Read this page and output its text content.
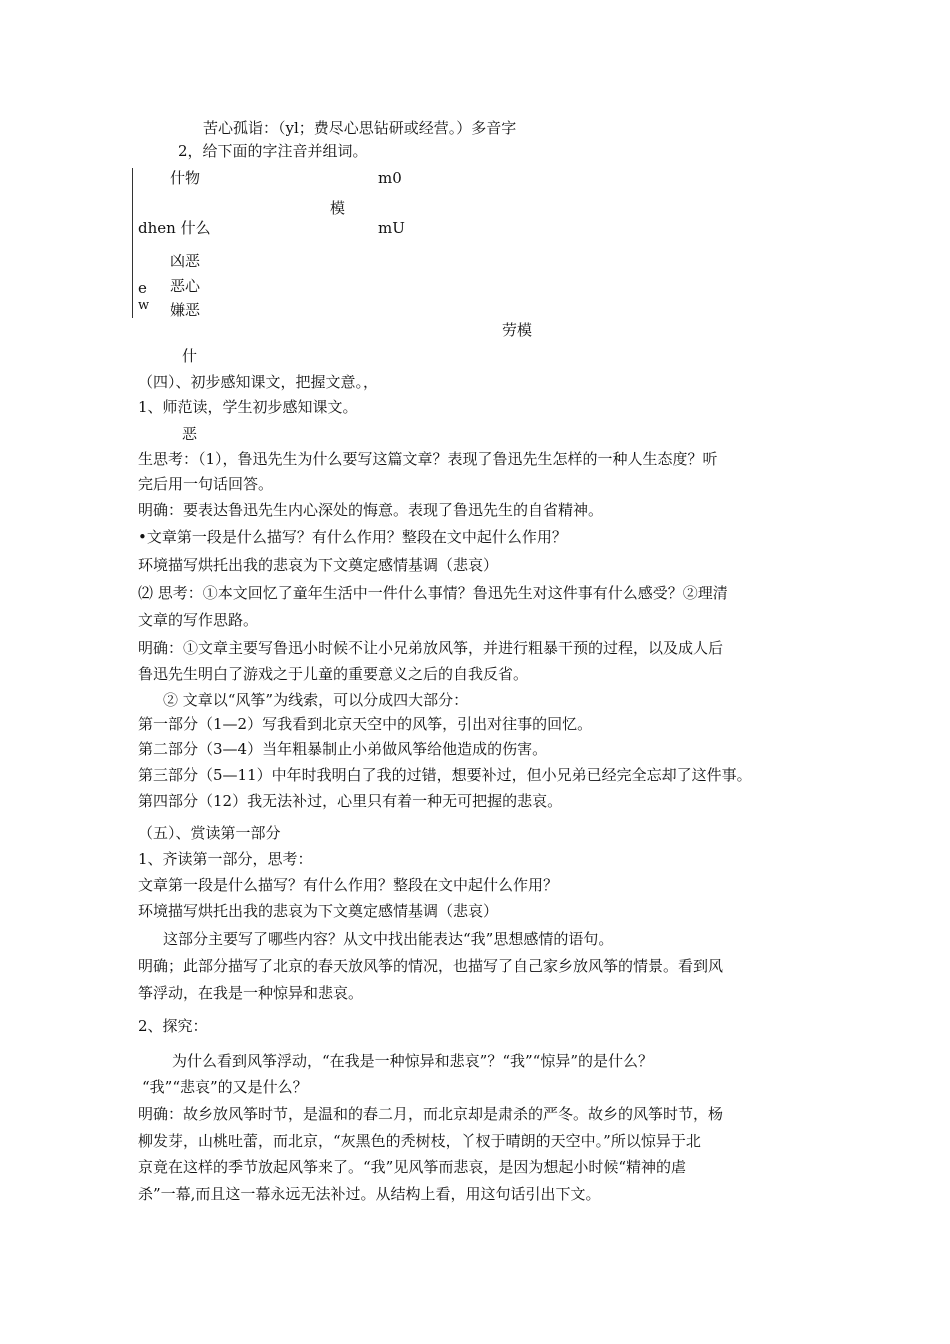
苦心孤诣：（yl；费尽心思钻研或经营。）多音字
2，给下面的字注音并组词。
什物	m0
模
dhen 什么	mU
凶恶
e 恶心
w 嫌恶
劳模
什
（四）、初步感知课文，把握文意。，
1、师范读，学生初步感知课文。
恶
生思考：（1），鲁迅先生为什么要写这篇文章？表现了鲁迅先生怎样的一种人生态度？听
完后用一句话回答。
明确：要表达鲁迅先生内心深处的悔意。表现了鲁迅先生的自省精神。
•文章第一段是什么描写？有什么作用？整段在文中起什么作用？
环境描写烘托出我的悲哀为下文奠定感情基调（悲哀）
⑵ 思考：①本文回忆了童年生活中一件什么事情？鲁迅先生对这件事有什么感受？②理清
文章的写作思路。
明确：①文章主要写鲁迅小时候不让小兄弟放风筝，并进行粗暴干预的过程，以及成人后
鲁迅先生明白了游戏之于儿童的重要意义之后的自我反省。
② 文章以“风筝”为线索，可以分成四大部分：
第一部分（1—2）写我看到北京天空中的风筝，引出对往事的回忆。
第二部分（3—4）当年粗暴制止小弟做风筝给他造成的伤害。
第三部分（5—11）中年时我明白了我的过错，想要补过，但小兄弟已经完全忘却了这件事。
第四部分（12）我无法补过，心里只有着一种无可把握的悲哀。
（五）、赏读第一部分
1、齐读第一部分，思考：
文章第一段是什么描写？有什么作用？整段在文中起什么作用？
环境描写烘托出我的悲哀为下文奠定感情基调（悲哀）
这部分主要写了哪些内容？从文中找出能表达“我”思想感情的语句。
明确；此部分描写了北京的春天放风筝的情况，也描写了自己家乡放风筝的情景。看到风
筝浮动，在我是一种惊异和悲哀。
2、探究：
为什么看到风筝浮动，“在我是一种惊异和悲哀”？“我”“惊异”的是什么？
“我”“悲哀”的又是什么？
明确：故乡放风筝时节，是温和的春二月，而北京却是肃杀的严冬。故乡的风筝时节，杨
柳发芽，山桃吐蕾，而北京，“灰黑色的秃树枝，丫杈于晴朗的天空中。”所以惊异于北
京竟在这样的季节放起风筝来了。“我”见风筝而悲哀，是因为想起小时候“精神的虐
杀”一幕,而且这一幕永远无法补过。从结构上看，用这句话引出下文。
